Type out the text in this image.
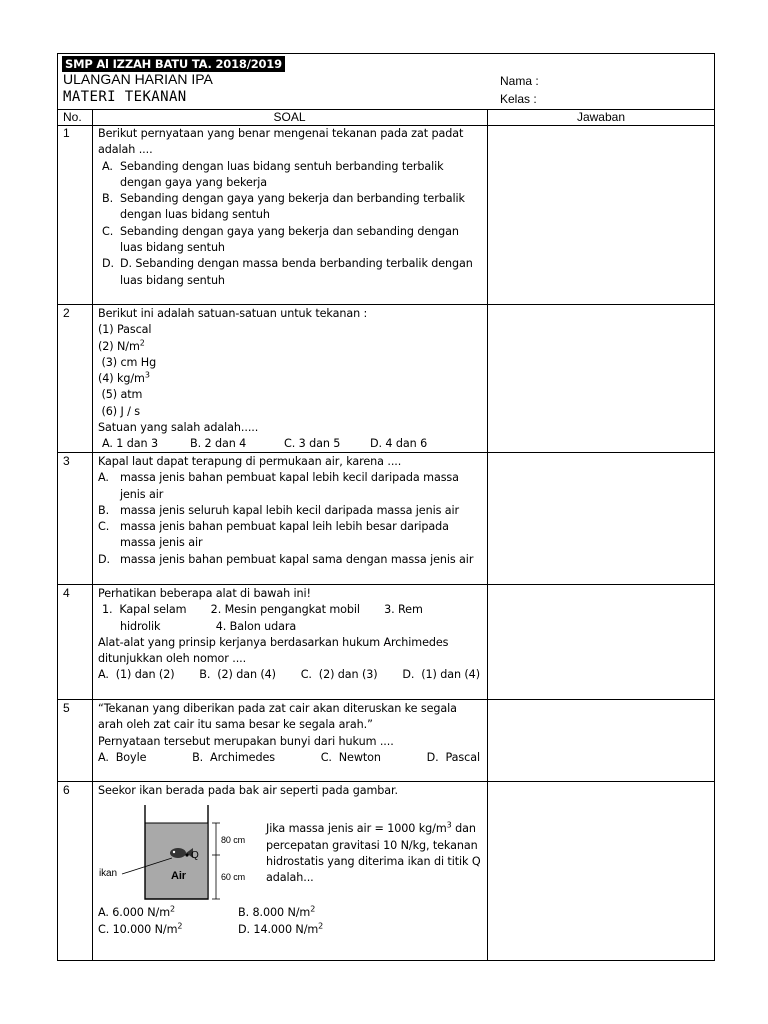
SMP Al IZZAH BATU TA. 2018/2019
ULANGAN HARIAN IPA
MATERI TEKANAN
Nama :
Kelas :
No.	SOAL	Jawaban
1	Berikut pernyataan yang benar mengenai tekanan pada zat padat
adalah ....
A. Sebanding dengan luas bidang sentuh berbanding terbalik dengan gaya yang bekerja
B. Sebanding dengan gaya yang bekerja dan berbanding terbalik dengan luas bidang sentuh
C. Sebanding dengan gaya yang bekerja dan sebanding dengan luas bidang sentuh
D. D. Sebanding dengan massa benda berbanding terbalik dengan luas bidang sentuh
2	Berikut ini adalah satuan-satuan untuk tekanan :
(1) Pascal
(2) $N/m^2$
(3) cm Hg
(4) $kg/m^3$
(5) atm
(6) J / s
Satuan yang salah adalah.....
A. 1 dan 3	B. 2 dan 4	C. 3 dan 5	D. 4 dan 6
3	Kapal laut dapat terapung di permukaan air, karena ....
A. massa jenis bahan pembuat kapal lebih kecil daripada massa jenis air
B. massa jenis seluruh kapal lebih kecil daripada massa jenis air
C. massa jenis bahan pembuat kapal leih lebih besar daripada massa jenis air
D. massa jenis bahan pembuat kapal sama dengan massa jenis air
4	Perhatikan beberapa alat di bawah ini!
1.  Kapal selam       2. Mesin pengangkat mobil       3. Rem
hidrolik                4. Balon udara
Alat-alat yang prinsip kerjanya berdasarkan hukum Archimedes ditunjukkan oleh nomor ....
A.  (1) dan (2) B.  (2) dan (4) C.  (2) dan (3) D.  (1) dan (4)
5	“Tekanan yang diberikan pada zat cair akan diteruskan ke segala arah oleh zat cair itu sama besar ke segala arah.”
Pernyataan tersebut merupakan bunyi dari hukum ....
A.  Boyle	B.  Archimedes	C.  Newton	D.  Pascal
6	Seekor ikan berada pada bak air seperti pada gambar.
Q
Air
ikan
80 cm
60 cm
Jika massa jenis air = 1000 $kg/m^3$ dan percepatan gravitasi 10 N/kg, tekanan hidrostatis yang diterima ikan di titik Q adalah...
A. 6.000 $N/m^2$	B. 8.000 $N/m^2$
C. 10.000 $N/m^2$	D. 14.000 $N/m^2$
